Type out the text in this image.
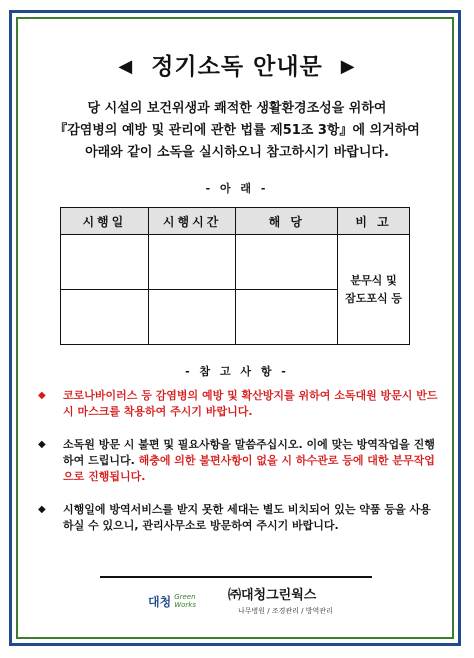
◀ 정기소독 안내문 ▶
당 시설의 보건위생과 쾌적한 생활환경조성을 위하여
『감염병의 예방 및 관리에 관한 법률 제51조 3항』에 의거하여
아래와 같이 소독을 실시하오니 참고하시기 바랍니다.
- 아 래 -
시행일	시행시간	해 당	비 고

			분무식 및
잠도포식 등

- 참 고 사 항 -
◆ 코로나바이러스 등 감염병의 예방 및 확산방지를 위하여 소독대원 방문시 반드시 마스크를 착용하여 주시기 바랍니다.
◆ 소독원 방문 시 불편 및 필요사항을 말씀주십시오. 이에 맞는 방역작업을 진행하여 드립니다. 해충에 의한 불편사항이 없을 시 하수관로 등에 대한 분무작업으로 진행됩니다.
◆ 시행일에 방역서비스를 받지 못한 세대는 별도 비치되어 있는 약품 등을 사용하실 수 있으니, 관리사무소로 방문하여 주시기 바랍니다.
대청 Green
Works
㈜대청그린웍스
나무병원 / 조경관리 / 방역관리
